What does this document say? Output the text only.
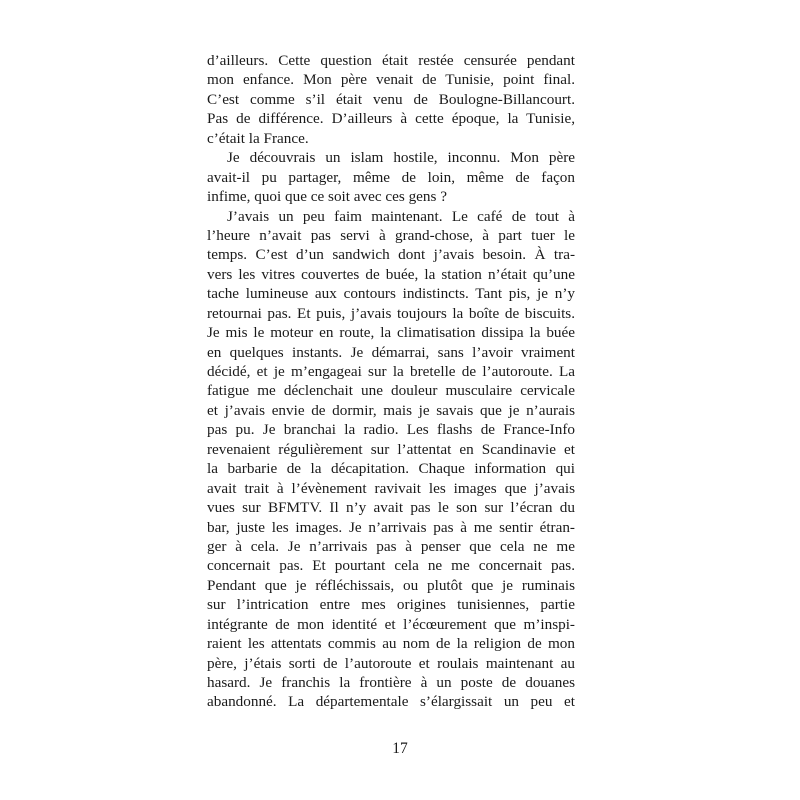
d’ailleurs. Cette question était restée censurée pendant
mon enfance. Mon père venait de Tunisie, point final.
C’est comme s’il était venu de Boulogne-Billancourt.
Pas de différence. D’ailleurs à cette époque, la Tunisie,
c’était la France.
Je découvrais un islam hostile, inconnu. Mon père
avait-il pu partager, même de loin, même de façon
infime, quoi que ce soit avec ces gens ?
J’avais un peu faim maintenant. Le café de tout à
l’heure n’avait pas servi à grand-chose, à part tuer le
temps. C’est d’un sandwich dont j’avais besoin. À tra-
vers les vitres couvertes de buée, la station n’était qu’une
tache lumineuse aux contours indistincts. Tant pis, je n’y
retournai pas. Et puis, j’avais toujours la boîte de biscuits.
Je mis le moteur en route, la climatisation dissipa la buée
en quelques instants. Je démarrai, sans l’avoir vraiment
décidé, et je m’engageai sur la bretelle de l’autoroute. La
fatigue me déclenchait une douleur musculaire cervicale
et j’avais envie de dormir, mais je savais que je n’aurais
pas pu. Je branchai la radio. Les flashs de France-Info
revenaient régulièrement sur l’attentat en Scandinavie et
la barbarie de la décapitation. Chaque information qui
avait trait à l’évènement ravivait les images que j’avais
vues sur BFMTV. Il n’y avait pas le son sur l’écran du
bar, juste les images. Je n’arrivais pas à me sentir étran-
ger à cela. Je n’arrivais pas à penser que cela ne me
concernait pas. Et pourtant cela ne me concernait pas.
Pendant que je réfléchissais, ou plutôt que je ruminais
sur l’intrication entre mes origines tunisiennes, partie
intégrante de mon identité et l’écœurement que m’inspi-
raient les attentats commis au nom de la religion de mon
père, j’étais sorti de l’autoroute et roulais maintenant au
hasard. Je franchis la frontière à un poste de douanes
abandonné. La départementale s’élargissait un peu et
17
